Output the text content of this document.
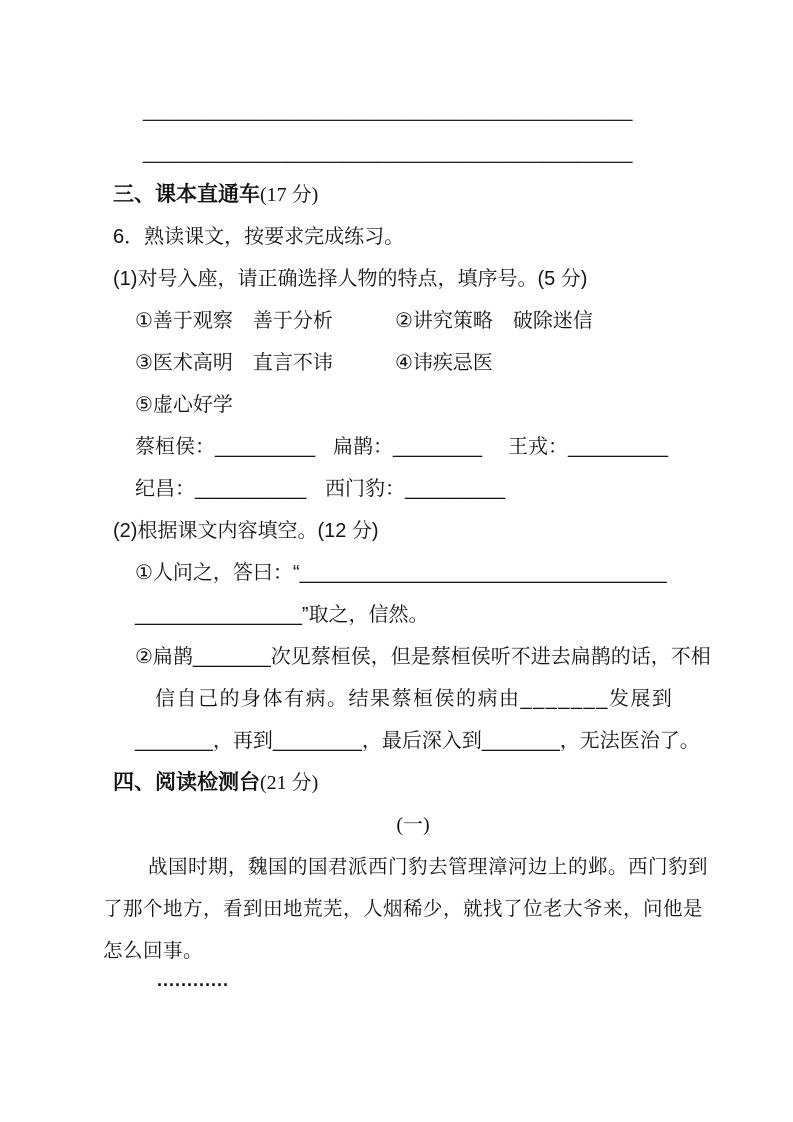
____________________________________________
____________________________________________
三、课本直通车(17 分)
6．熟读课文，按要求完成练习。
(1)对号入座，请正确选择人物的特点，填序号。(5 分)
①善于观察　善于分析	②讲究策略　破除迷信
③医术高明　直言不讳	④讳疾忌医
⑤虚心好学
蔡桓侯：_________ 扁鹊：________	王戎：_________
纪昌：__________ 西门豹：_________
(2)根据课文内容填空。(12 分)
①人问之，答曰：“_________________________________
_______________”取之，信然。
②扁鹊_______次见蔡桓侯，但是蔡桓侯听不进去扁鹊的话，不相
信自己的身体有病。结果蔡桓侯的病由_______发展到
_______，再到________，最后深入到_______，无法医治了。
四、阅读检测台(21 分)
(一)
战国时期，魏国的国君派西门豹去管理漳河边上的邺。西门豹到
了那个地方，看到田地荒芜，人烟稀少，就找了位老大爷来，问他是
怎么回事。
............
